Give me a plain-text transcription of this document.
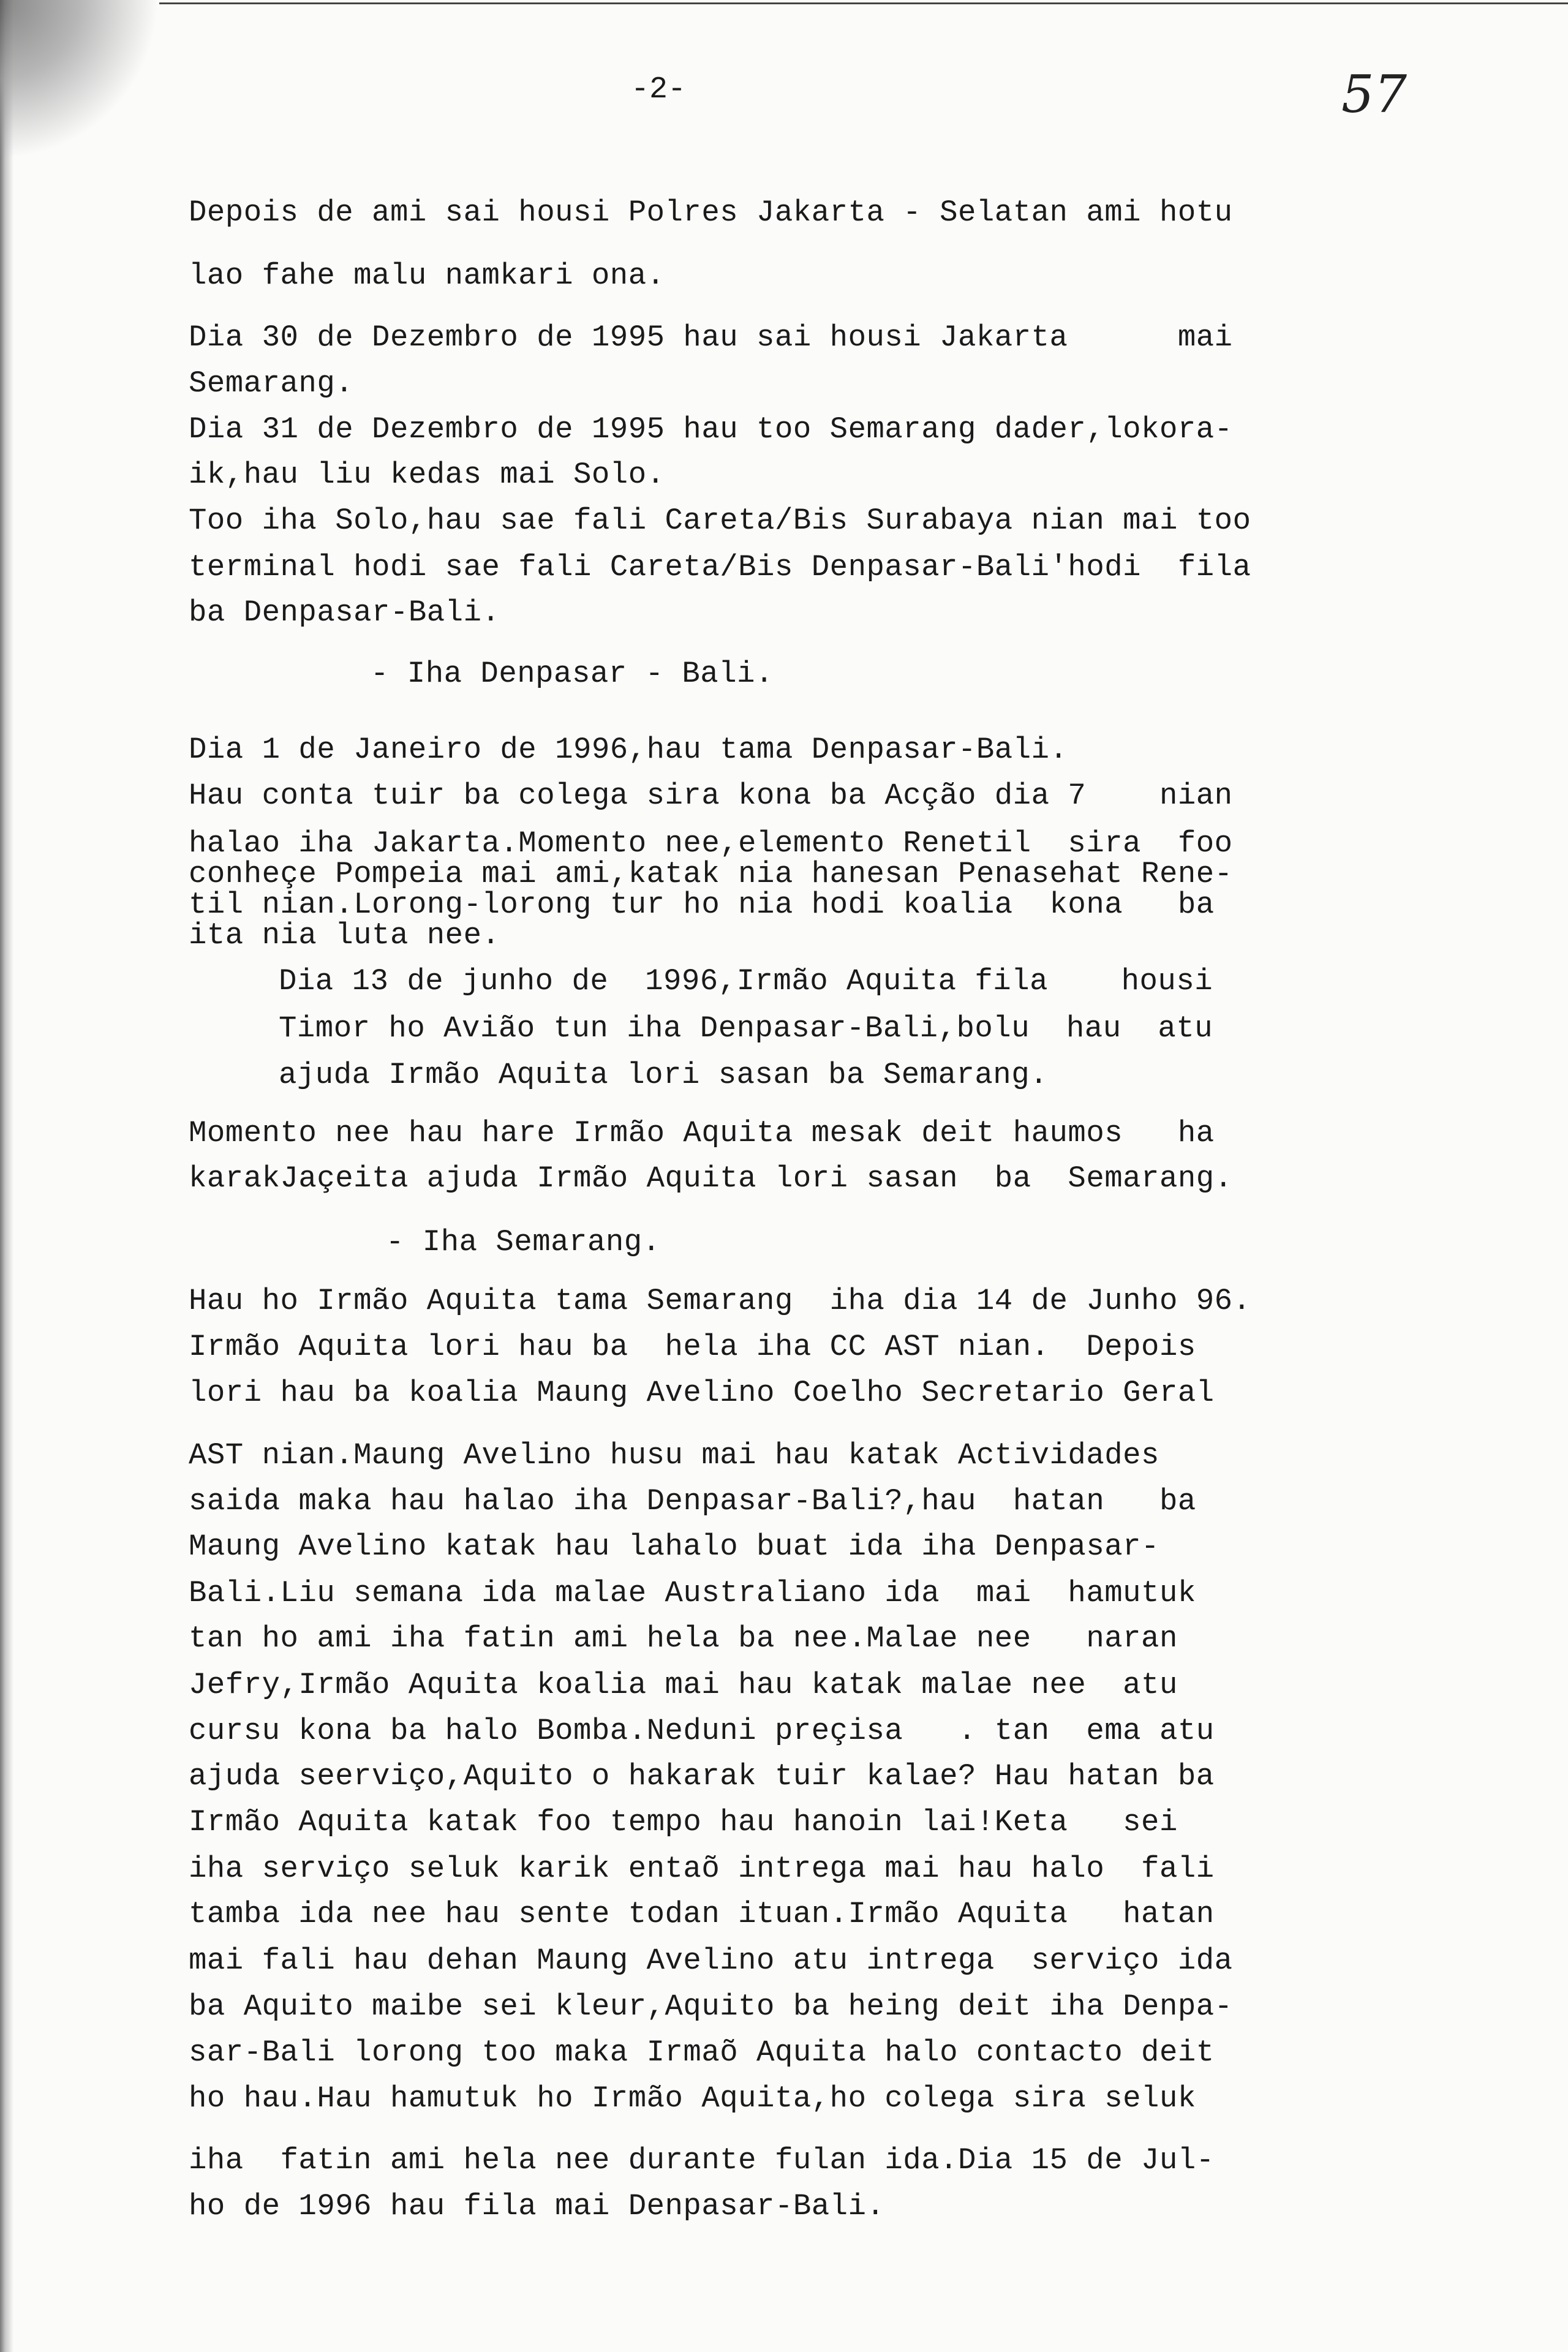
-2-	57
Depois de ami sai housi Polres Jakarta - Selatan ami hotu
lao fahe malu namkari ona.
Dia 30 de Dezembro de 1995 hau sai housi Jakarta      mai
Semarang.
Dia 31 de Dezembro de 1995 hau too Semarang dader,lokora-
ik,hau liu kedas mai Solo.
Too iha Solo,hau sae fali Careta/Bis Surabaya nian mai too
terminal hodi sae fali Careta/Bis Denpasar-Bali'hodi  fila
ba Denpasar-Bali.
- Iha Denpasar - Bali.
Dia 1 de Janeiro de 1996,hau tama Denpasar-Bali.
Hau conta tuir ba colega sira kona ba Acção dia 7    nian
halao iha Jakarta.Momento nee,elemento Renetil  sira  foo
conheçe Pompeia mai ami,katak nia hanesan Penasehat Rene-
til nian.Lorong-lorong tur ho nia hodi koalia  kona   ba
ita nia luta nee.
Dia 13 de junho de  1996,Irmão Aquita fila    housi
Timor ho Avião tun iha Denpasar-Bali,bolu  hau  atu
ajuda Irmão Aquita lori sasan ba Semarang.
Momento nee hau hare Irmão Aquita mesak deit haumos   ha
karakJaçeita ajuda Irmão Aquita lori sasan  ba  Semarang.
- Iha Semarang.
Hau ho Irmão Aquita tama Semarang  iha dia 14 de Junho 96.
Irmão Aquita lori hau ba  hela iha CC AST nian.  Depois
lori hau ba koalia Maung Avelino Coelho Secretario Geral
AST nian.Maung Avelino husu mai hau katak Actividades
saida maka hau halao iha Denpasar-Bali?,hau  hatan   ba
Maung Avelino katak hau lahalo buat ida iha Denpasar-
Bali.Liu semana ida malae Australiano ida  mai  hamutuk
tan ho ami iha fatin ami hela ba nee.Malae nee   naran
Jefry,Irmão Aquita koalia mai hau katak malae nee  atu
cursu kona ba halo Bomba.Neduni preçisa   . tan  ema atu
ajuda seerviço,Aquito o hakarak tuir kalae? Hau hatan ba
Irmão Aquita katak foo tempo hau hanoin lai!Keta   sei
iha serviço seluk karik entaõ intrega mai hau halo  fali
tamba ida nee hau sente todan ituan.Irmão Aquita   hatan
mai fali hau dehan Maung Avelino atu intrega  serviço ida
ba Aquito maibe sei kleur,Aquito ba heing deit iha Denpa-
sar-Bali lorong too maka Irmaõ Aquita halo contacto deit
ho hau.Hau hamutuk ho Irmão Aquita,ho colega sira seluk
iha  fatin ami hela nee durante fulan ida.Dia 15 de Jul-
ho de 1996 hau fila mai Denpasar-Bali.
